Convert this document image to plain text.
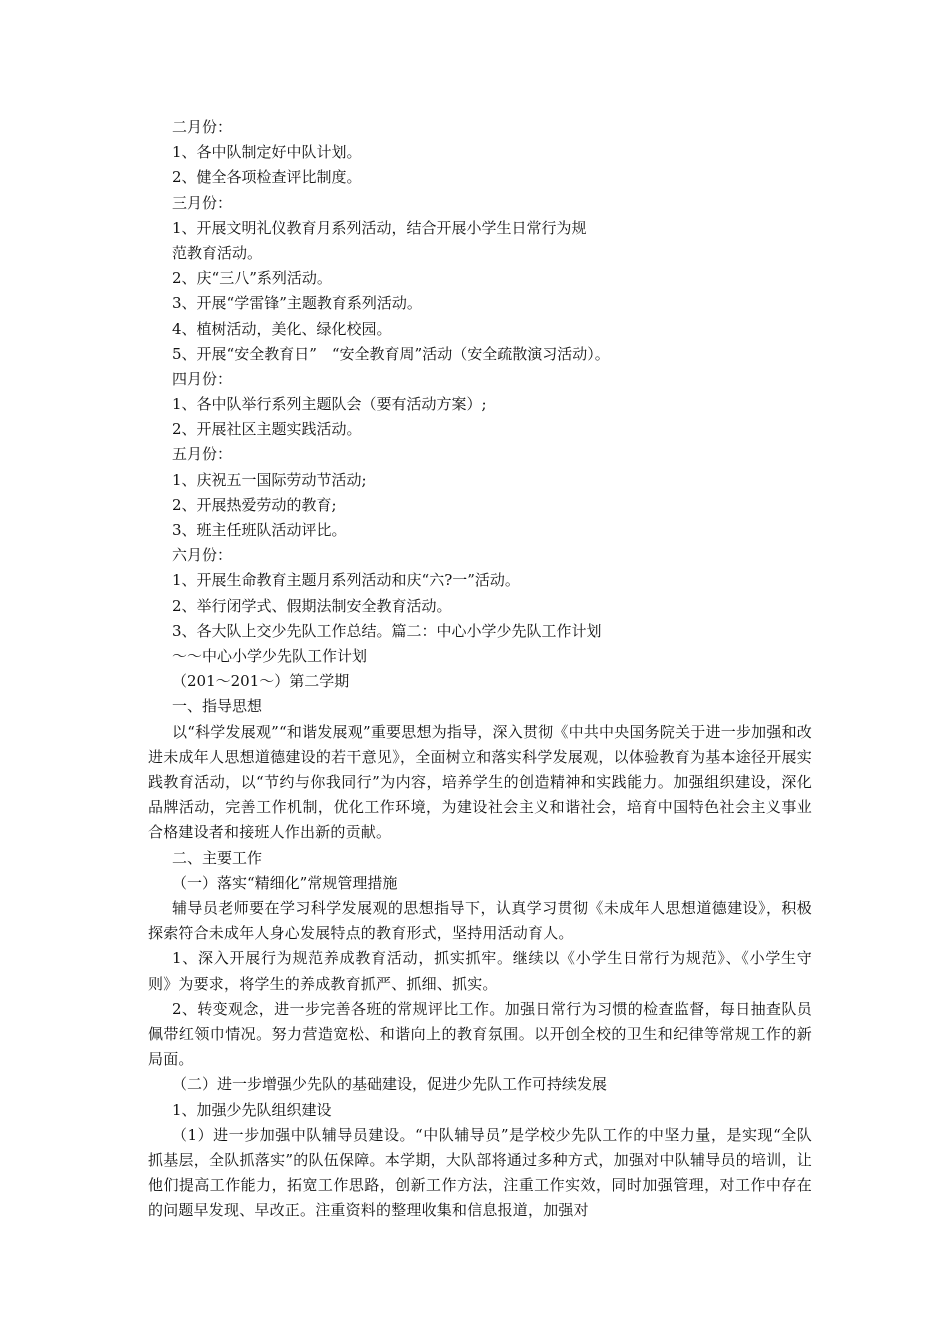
二月份：
1、各中队制定好中队计划。
2、健全各项检查评比制度。
三月份：
1、开展文明礼仪教育月系列活动，结合开展小学生日常行为规
范教育活动。
2、庆“三八”系列活动。
3、开展“学雷锋”主题教育系列活动。
4、植树活动，美化、绿化校园。
5、开展“安全教育日”　“安全教育周”活动（安全疏散演习活动）。
四月份：
1、各中队举行系列主题队会（要有活动方案）;
2、开展社区主题实践活动。
五月份：
1、庆祝五一国际劳动节活动;
2、开展热爱劳动的教育;
3、班主任班队活动评比。
六月份：
1、开展生命教育主题月系列活动和庆“六?一”活动。
2、举行闭学式、假期法制安全教育活动。
3、各大队上交少先队工作总结。篇二：中心小学少先队工作计划
～～中心小学少先队工作计划
（201～201～）第二学期
一、指导思想
以“科学发展观”“和谐发展观”重要思想为指导，深入贯彻《中共中央国务院关于进一步加强和改进未成年人思想道德建设的若干意见》，全面树立和落实科学发展观，以体验教育为基本途径开展实践教育活动，以“节约与你我同行”为内容，培养学生的创造精神和实践能力。加强组织建设，深化品牌活动，完善工作机制，优化工作环境，为建设社会主义和谐社会，培育中国特色社会主义事业合格建设者和接班人作出新的贡献。
二、主要工作
（一）落实“精细化”常规管理措施
辅导员老师要在学习科学发展观的思想指导下，认真学习贯彻《未成年人思想道德建设》，积极探索符合未成年人身心发展特点的教育形式，坚持用活动育人。
1、深入开展行为规范养成教育活动，抓实抓牢。继续以《小学生日常行为规范》、《小学生守则》为要求，将学生的养成教育抓严、抓细、抓实。
2、转变观念，进一步完善各班的常规评比工作。加强日常行为习惯的检查监督，每日抽查队员佩带红领巾情况。努力营造宽松、和谐向上的教育氛围。以开创全校的卫生和纪律等常规工作的新局面。
（二）进一步增强少先队的基础建设，促进少先队工作可持续发展
1、加强少先队组织建设
（1）进一步加强中队辅导员建设。“中队辅导员”是学校少先队工作的中坚力量，是实现“全队抓基层，全队抓落实”的队伍保障。本学期，大队部将通过多种方式，加强对中队辅导员的培训，让他们提高工作能力，拓宽工作思路，创新工作方法，注重工作实效，同时加强管理，对工作中存在的问题早发现、早改正。注重资料的整理收集和信息报道，加强对
